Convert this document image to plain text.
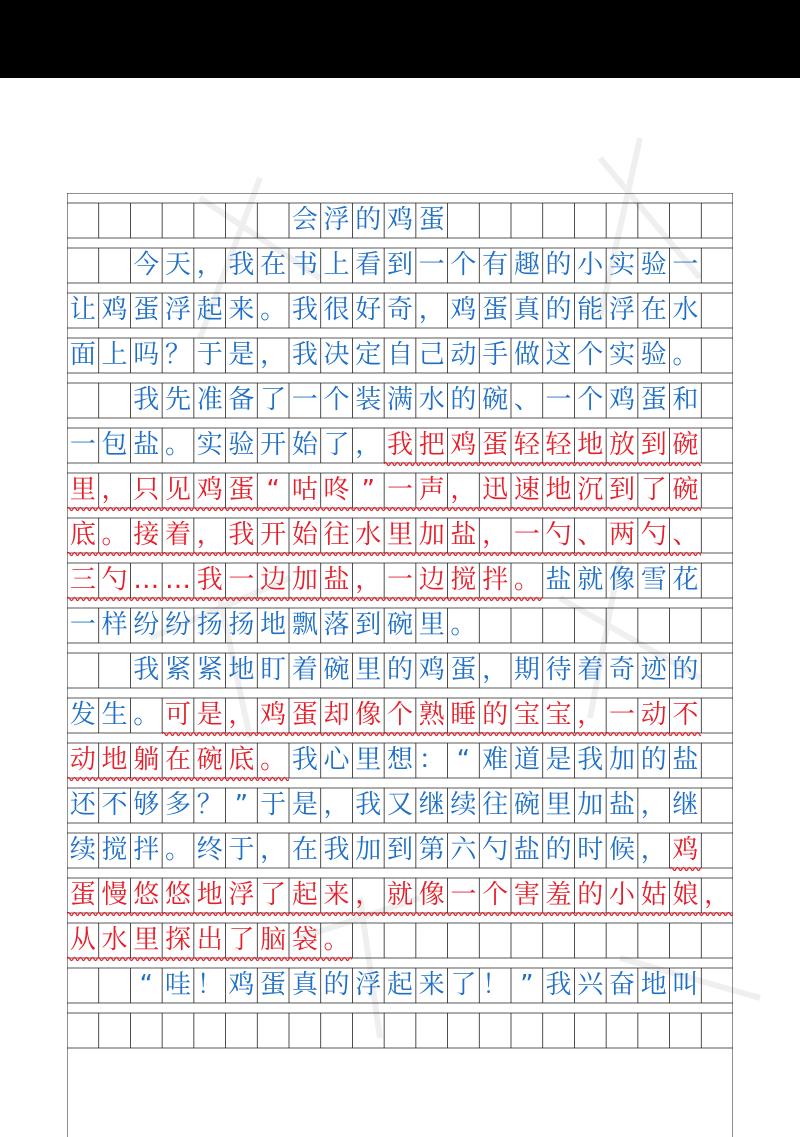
会 浮 的 鸡 蛋
今 天 ， 我 在 书 上 看 到 一 个 有 趣 的 小 实 验 一
让 鸡 蛋 浮 起 来 。 我 很 好 奇 ， 鸡 蛋 真 的 能 浮 在 水
面 上 吗 ？ 于 是 ， 我 决 定 自 己 动 手 做 这 个 实 验 。
我 先 准 备 了 一 个 装 满 水 的 碗 、 一 个 鸡 蛋 和
一 包 盐 。 实 验 开 始 了 ， 我 把 鸡 蛋 轻 轻 地 放 到 碗
里 ， 只 见 鸡 蛋 “ 咕 咚 ” 一 声 ， 迅 速 地 沉 到 了 碗
底 。 接 着 ， 我 开 始 往 水 里 加 盐 ， 一 勺 、 两 勺 、
三 勺 … … 我 一 边 加 盐 ， 一 边 搅 拌 。 盐 就 像 雪 花
一 样 纷 纷 扬 扬 地 飘 落 到 碗 里 。
我 紧 紧 地 盯 着 碗 里 的 鸡 蛋 ， 期 待 着 奇 迹 的
发 生 。 可 是 ， 鸡 蛋 却 像 个 熟 睡 的 宝 宝 ， 一 动 不
动 地 躺 在 碗 底 。 我 心 里 想 ： “ 难 道 是 我 加 的 盐
还 不 够 多 ？ ” 于 是 ， 我 又 继 续 往 碗 里 加 盐 ， 继
续 搅 拌 。 终 于 ， 在 我 加 到 第 六 勺 盐 的 时 候 ， 鸡
蛋 慢 悠 悠 地 浮 了 起 来 ， 就 像 一 个 害 羞 的 小 姑 娘 ，
从 水 里 探 出 了 脑 袋 。
“ 哇 ！ 鸡 蛋 真 的 浮 起 来 了 ！ ” 我 兴 奋 地 叫
